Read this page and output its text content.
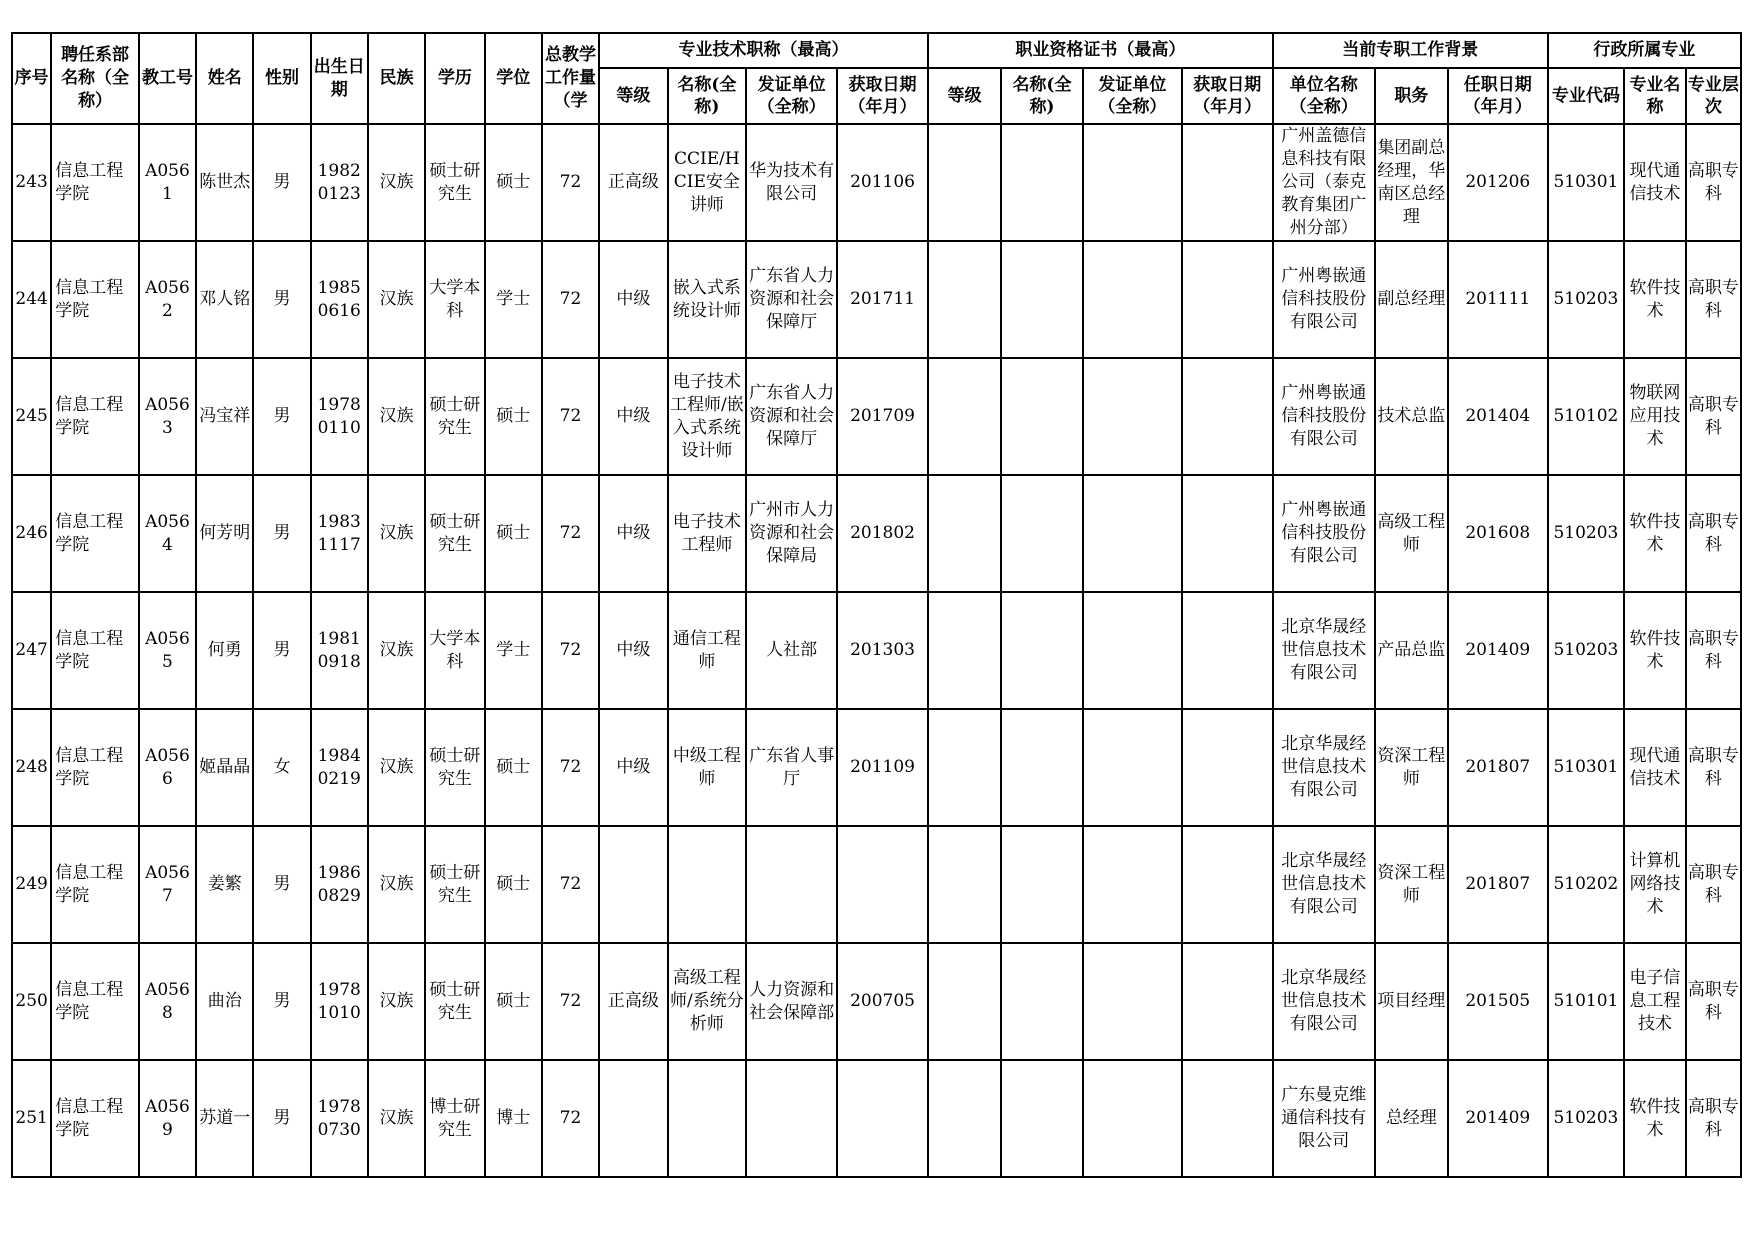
序号	聘任系部名称（全称）	教工号	姓名	性别	出生日期	民族	学历	学位	总教学工作量（学	专业技术职称（最高）				职业资格证书（最高）				当前专职工作背景			行政所属专业		
										等级	名称(全称)	发证单位（全称）	获取日期（年月）	等级	名称(全称)	发证单位（全称）	获取日期（年月）	单位名称（全称）	职务	任职日期（年月）	专业代码	专业名称	专业层次
243	信息工程学院	A0561	陈世杰	男	19820123	汉族	硕士研究生	硕士	72	正高级	CCIE/HCIE安全讲师	华为技术有限公司	201106					广州盖德信息科技有限公司（泰克教育集团广州分部）	集团副总经理，华南区总经理	201206	510301	现代通信技术	高职专科
244	信息工程学院	A0562	邓人铭	男	19850616	汉族	大学本科	学士	72	中级	嵌入式系统设计师	广东省人力资源和社会保障厅	201711					广州粤嵌通信科技股份有限公司	副总经理	201111	510203	软件技术	高职专科
245	信息工程学院	A0563	冯宝祥	男	19780110	汉族	硕士研究生	硕士	72	中级	电子技术工程师/嵌入式系统设计师	广东省人力资源和社会保障厅	201709					广州粤嵌通信科技股份有限公司	技术总监	201404	510102	物联网应用技术	高职专科
246	信息工程学院	A0564	何芳明	男	19831117	汉族	硕士研究生	硕士	72	中级	电子技术工程师	广州市人力资源和社会保障局	201802					广州粤嵌通信科技股份有限公司	高级工程师	201608	510203	软件技术	高职专科
247	信息工程学院	A0565	何勇	男	19810918	汉族	大学本科	学士	72	中级	通信工程师	人社部	201303					北京华晟经世信息技术有限公司	产品总监	201409	510203	软件技术	高职专科
248	信息工程学院	A0566	姬晶晶	女	19840219	汉族	硕士研究生	硕士	72	中级	中级工程师	广东省人事厅	201109					北京华晟经世信息技术有限公司	资深工程师	201807	510301	现代通信技术	高职专科
249	信息工程学院	A0567	姜繁	男	19860829	汉族	硕士研究生	硕士	72									北京华晟经世信息技术有限公司	资深工程师	201807	510202	计算机网络技术	高职专科
250	信息工程学院	A0568	曲治	男	19781010	汉族	硕士研究生	硕士	72	正高级	高级工程师/系统分析师	人力资源和社会保障部	200705					北京华晟经世信息技术有限公司	项目经理	201505	510101	电子信息工程技术	高职专科
251	信息工程学院	A0569	苏道一	男	19780730	汉族	博士研究生	博士	72									广东曼克维通信科技有限公司	总经理	201409	510203	软件技术	高职专科
